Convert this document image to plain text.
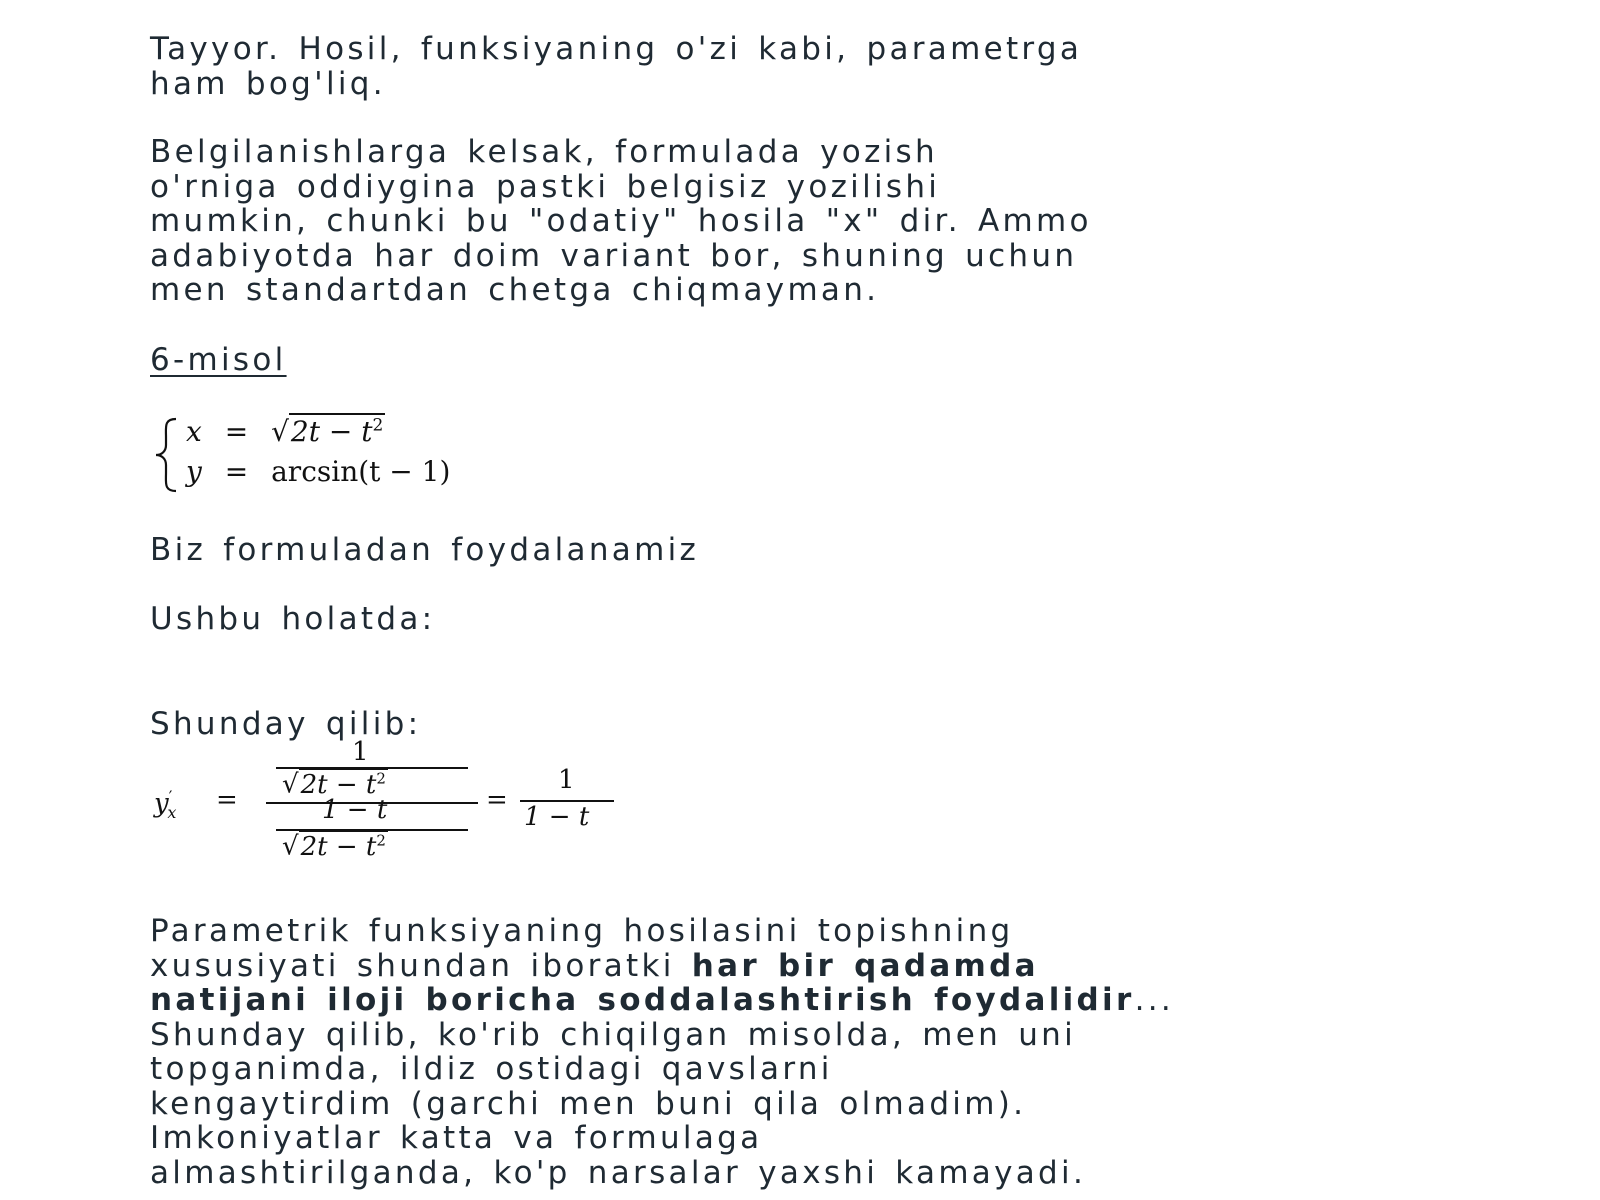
Tayyor. Hosil, funksiyaning o'zi kabi, parametrga
ham bog'liq.

Belgilanishlarga kelsak, formulada yozish
o'rniga oddiygina pastki belgisiz yozilishi
mumkin, chunki bu "odatiy" hosila "x" dir. Ammo
adabiyotda har doim variant bor, shuning uchun
men standartdan chetga chiqmayman.

6-misol

$x = √2t - t^2$
y = arcsin(t − 1)

Biz formuladan foydalanamiz

Ushbu holatda:

Shunday qilib:

$y'_x$ =
1
$√2t - t^2$
1 − t
$√2t - t^2$
=
1
1 − t

Parametrik funksiyaning hosilasini topishning
xususiyati shundan iboratki har bir qadamda
natijani iloji boricha soddalashtirish foydalidir...
Shunday qilib, ko'rib chiqilgan misolda, men uni
topganimda, ildiz ostidagi qavslarni
kengaytirdim (garchi men buni qila olmadim).
Imkoniyatlar katta va formulaga
almashtirilganda, ko'p narsalar yaxshi kamayadi.
